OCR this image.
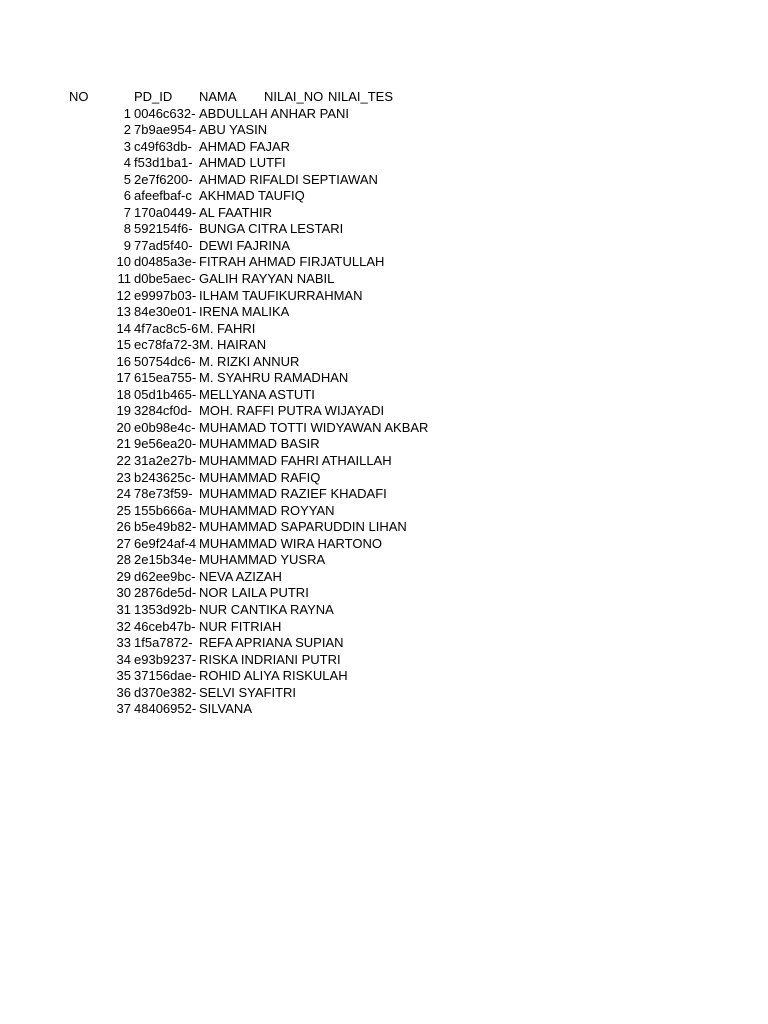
NO	PD_ID	NAMA	NILAI_NO NILAI_TES
1 0046c632- ABDULLAH ANHAR PANI
2 7b9ae954- ABU YASIN
3 c49f63db- AHMAD FAJAR
4 f53d1ba1- AHMAD LUTFI
5 2e7f6200- AHMAD RIFALDI SEPTIAWAN
6 afeefbaf-c AKHMAD TAUFIQ
7 170a0449- AL FAATHIR
8 592154f6- BUNGA CITRA LESTARI
9 77ad5f40- DEWI FAJRINA
10 d0485a3e- FITRAH AHMAD FIRJATULLAH
11 d0be5aec- GALIH RAYYAN NABIL
12 e9997b03- ILHAM TAUFIKURRAHMAN
13 84e30e01- IRENA MALIKA
14 4f7ac8c5-6 M. FAHRI
15 ec78fa72-3 M. HAIRAN
16 50754dc6- M. RIZKI ANNUR
17 615ea755- M. SYAHRU RAMADHAN
18 05d1b465- MELLYANA ASTUTI
19 3284cf0d- MOH. RAFFI PUTRA WIJAYADI
20 e0b98e4c- MUHAMAD TOTTI WIDYAWAN AKBAR
21 9e56ea20- MUHAMMAD BASIR
22 31a2e27b- MUHAMMAD FAHRI ATHAILLAH
23 b243625c- MUHAMMAD RAFIQ
24 78e73f59- MUHAMMAD RAZIEF KHADAFI
25 155b666a- MUHAMMAD ROYYAN
26 b5e49b82- MUHAMMAD SAPARUDDIN LIHAN
27 6e9f24af-4 MUHAMMAD WIRA HARTONO
28 2e15b34e- MUHAMMAD YUSRA
29 d62ee9bc- NEVA AZIZAH
30 2876de5d- NOR LAILA PUTRI
31 1353d92b- NUR CANTIKA RAYNA
32 46ceb47b- NUR FITRIAH
33 1f5a7872- REFA APRIANA SUPIAN
34 e93b9237- RISKA INDRIANI PUTRI
35 37156dae- ROHID ALIYA RISKULAH
36 d370e382- SELVI SYAFITRI
37 48406952- SILVANA
